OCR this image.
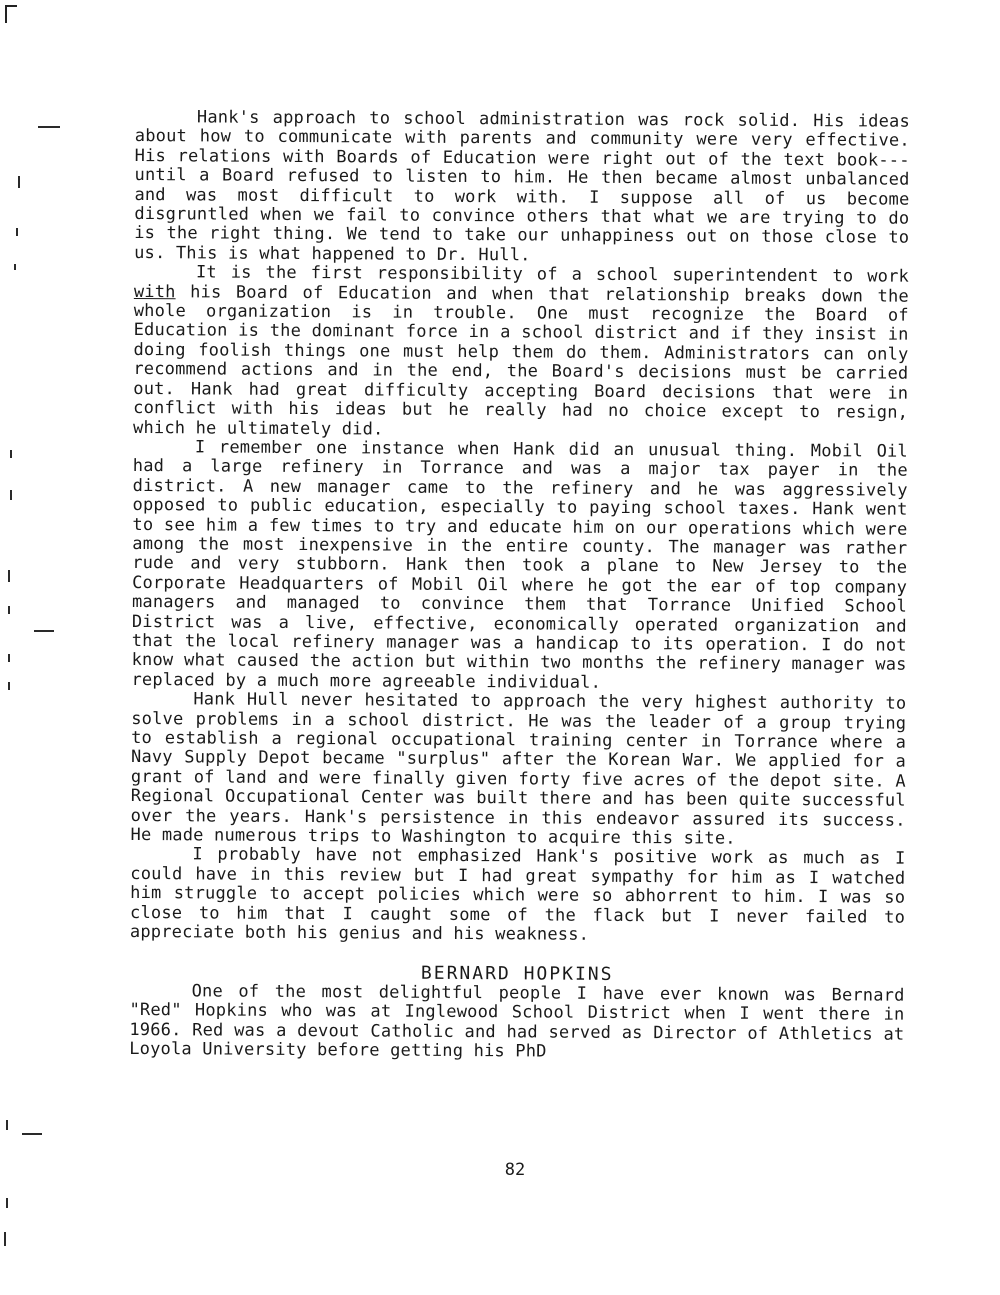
Hank's approach to school administration was rock solid. His ideas about how to communicate with parents and community were very effective. His relations with Boards of Education were right out of the text book--- until a Board refused to listen to him. He then became almost unbalanced and was most difficult to work with. I suppose all of us become disgruntled when we fail to convince others that what we are trying to do is the right thing. We tend to take our unhappiness out on those close to us. This is what happened to Dr. Hull.

It is the first responsibility of a school superintendent to work with his Board of Education and when that relationship breaks down the whole organization is in trouble. One must recognize the Board of Education is the dominant force in a school district and if they insist in doing foolish things one must help them do them. Administrators can only recommend actions and in the end, the Board's decisions must be carried out. Hank had great difficulty accepting Board decisions that were in conflict with his ideas but he really had no choice except to resign, which he ultimately did.

I remember one instance when Hank did an unusual thing. Mobil Oil had a large refinery in Torrance and was a major tax payer in the district. A new manager came to the refinery and he was aggressively opposed to public education, especially to paying school taxes. Hank went to see him a few times to try and educate him on our operations which were among the most inexpensive in the entire county. The manager was rather rude and very stubborn. Hank then took a plane to New Jersey to the Corporate Headquarters of Mobil Oil where he got the ear of top company managers and managed to convince them that Torrance Unified School District was a live, effective, economically operated organization and that the local refinery manager was a handicap to its operation. I do not know what caused the action but within two months the refinery manager was replaced by a much more agreeable individual.

Hank Hull never hesitated to approach the very highest authority to solve problems in a school district. He was the leader of a group trying to establish a regional occupational training center in Torrance where a Navy Supply Depot became "surplus" after the Korean War. We applied for a grant of land and were finally given forty five acres of the depot site. A Regional Occupational Center was built there and has been quite successful over the years. Hank's persistence in this endeavor assured its success. He made numerous trips to Washington to acquire this site.

I probably have not emphasized Hank's positive work as much as I could have in this review but I had great sympathy for him as I watched him struggle to accept policies which were so abhorrent to him. I was so close to him that I caught some of the flack but I never failed to appreciate both his genius and his weakness.

BERNARD HOPKINS

One of the most delightful people I have ever known was Bernard "Red" Hopkins who was at Inglewood School District when I went there in 1966. Red was a devout Catholic and had served as Director of Athletics at Loyola University before getting his PhD

82
